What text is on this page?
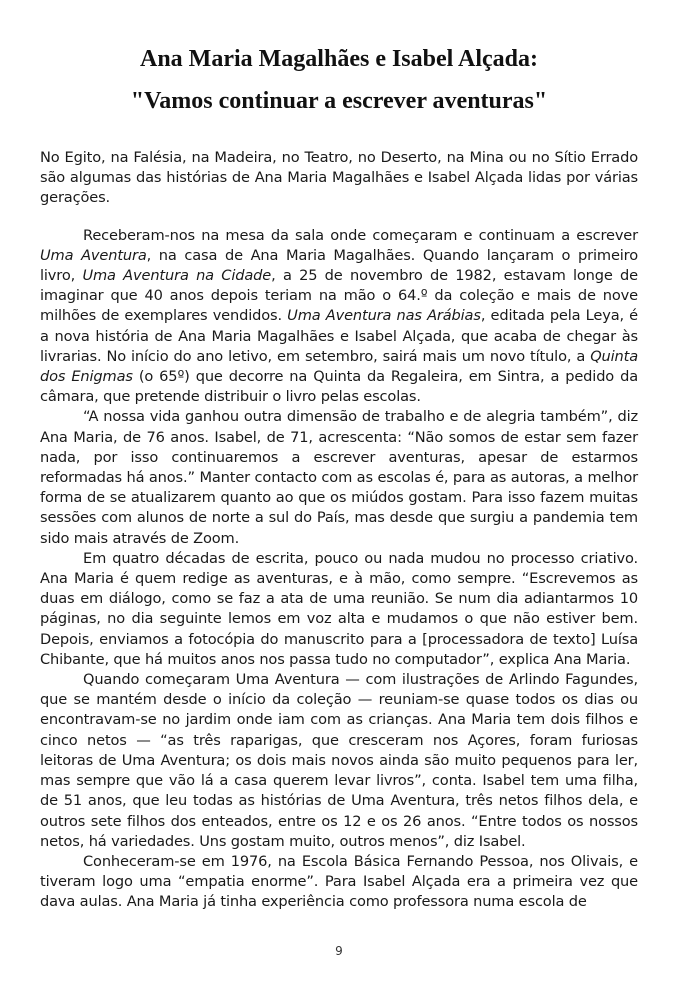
Ana Maria Magalhães e Isabel Alçada:
"Vamos continuar a escrever aventuras"

No Egito, na Falésia, na Madeira, no Teatro, no Deserto, na Mina ou no Sítio Errado são algumas das histórias de Ana Maria Magalhães e Isabel Alçada lidas por várias gerações.

Receberam-nos na mesa da sala onde começaram e continuam a escrever Uma Aventura, na casa de Ana Maria Magalhães. Quando lançaram o primeiro livro, Uma Aventura na Cidade, a 25 de novembro de 1982, estavam longe de imaginar que 40 anos depois teriam na mão o 64.º da coleção e mais de nove milhões de exemplares vendidos. Uma Aventura nas Arábias, editada pela Leya, é a nova história de Ana Maria Magalhães e Isabel Alçada, que acaba de chegar às livrarias. No início do ano letivo, em setembro, sairá mais um novo título, a Quinta dos Enigmas (o 65º) que decorre na Quinta da Regaleira, em Sintra, a pedido da câmara, que pretende distribuir o livro pelas escolas.

“A nossa vida ganhou outra dimensão de trabalho e de alegria também”, diz Ana Maria, de 76 anos. Isabel, de 71, acrescenta: “Não somos de estar sem fazer nada, por isso continuaremos a escrever aventuras, apesar de estarmos reformadas há anos.” Manter contacto com as escolas é, para as autoras, a melhor forma de se atualizarem quanto ao que os miúdos gostam. Para isso fazem muitas sessões com alunos de norte a sul do País, mas desde que surgiu a pandemia tem sido mais através de Zoom.

Em quatro décadas de escrita, pouco ou nada mudou no processo criativo. Ana Maria é quem redige as aventuras, e à mão, como sempre. “Escrevemos as duas em diálogo, como se faz a ata de uma reunião. Se num dia adiantarmos 10 páginas, no dia seguinte lemos em voz alta e mudamos o que não estiver bem. Depois, enviamos a fotocópia do manuscrito para a [processadora de texto] Luísa Chibante, que há muitos anos nos passa tudo no computador”, explica Ana Maria.

Quando começaram Uma Aventura — com ilustrações de Arlindo Fagundes, que se mantém desde o início da coleção — reuniam-se quase todos os dias ou encontravam-se no jardim onde iam com as crianças. Ana Maria tem dois filhos e cinco netos — “as três raparigas, que cresceram nos Açores, foram furiosas leitoras de Uma Aventura; os dois mais novos ainda são muito pequenos para ler, mas sempre que vão lá a casa querem levar livros”, conta. Isabel tem uma filha, de 51 anos, que leu todas as histórias de Uma Aventura, três netos filhos dela, e outros sete filhos dos enteados, entre os 12 e os 26 anos. “Entre todos os nossos netos, há variedades. Uns gostam muito, outros menos”, diz Isabel.

Conheceram-se em 1976, na Escola Básica Fernando Pessoa, nos Olivais, e tiveram logo uma “empatia enorme”. Para Isabel Alçada era a primeira vez que dava aulas. Ana Maria já tinha experiência como professora numa escola de

9
